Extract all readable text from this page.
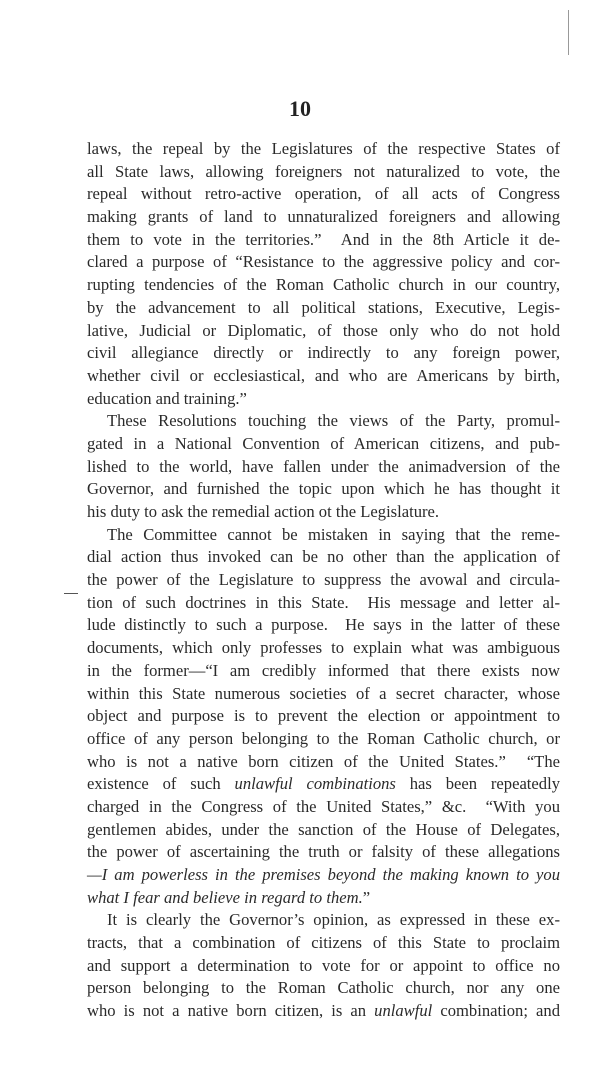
10
laws, the repeal by the Legislatures of the respective States of
all State laws, allowing foreigners not naturalized to vote, the
repeal without retro-active operation, of all acts of Congress
making grants of land to unnaturalized foreigners and allowing
them to vote in the territories.”  And in the 8th Article it de-
clared a purpose of “Resistance to the aggressive policy and cor-
rupting tendencies of the Roman Catholic church in our country,
by the advancement to all political stations, Executive, Legis-
lative, Judicial or Diplomatic, of those only who do not hold
civil allegiance directly or indirectly to any foreign power,
whether civil or ecclesiastical, and who are Americans by birth,
education and training.”
These Resolutions touching the views of the Party, promul-
gated in a National Convention of American citizens, and pub-
lished to the world, have fallen under the animadversion of the
Governor, and furnished the topic upon which he has thought it
his duty to ask the remedial action ot the Legislature.
The Committee cannot be mistaken in saying that the reme-
dial action thus invoked can be no other than the application of
the power of the Legislature to suppress the avowal and circula-
tion of such doctrines in this State.  His message and letter al-
lude distinctly to such a purpose.  He says in the latter of these
documents, which only professes to explain what was ambiguous
in the former—“I am credibly informed that there exists now
within this State numerous societies of a secret character, whose
object and purpose is to prevent the election or appointment to
office of any person belonging to the Roman Catholic church, or
who is not a native born citizen of the United States.”  “The
existence of such unlawful combinations has been repeatedly
charged in the Congress of the United States,” &c.  “With you
gentlemen abides, under the sanction of the House of Delegates,
the power of ascertaining the truth or falsity of these allegations
—I am powerless in the premises beyond the making known to you
what I fear and believe in regard to them.”
It is clearly the Governor’s opinion, as expressed in these ex-
tracts, that a combination of citizens of this State to proclaim
and support a determination to vote for or appoint to office no
person belonging to the Roman Catholic church, nor any one
who is not a native born citizen, is an unlawful combination; and
